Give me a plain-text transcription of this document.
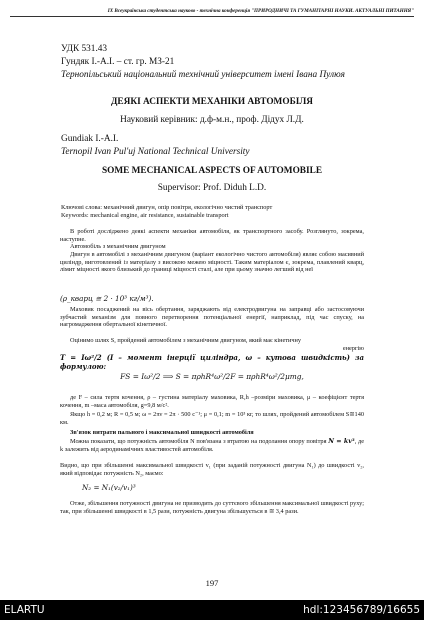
ІХ Всеукраїнська студентська науково - технічна конференція "ПРИРОДНИЧІ ТА ГУМАНІТАРНІ НАУКИ. АКТУАЛЬНІ ПИТАННЯ"
УДК 531.43
Гундяк І.-А.І. – ст. гр. МЗ-21
Тернопільський національний технічний університет імені Івана Пулюя
ДЕЯКІ АСПЕКТИ МЕХАНІКИ АВТОМОБІЛЯ
Науковий керівник: д.ф-м.н., проф. Дідух Л.Д.
Gundiak I.-A.I.
Ternopil Ivan Pul'uj National Technical University
SOME MECHANICAL ASPECTS OF AUTOMOBILE
Supervisor: Prof. Diduh L.D.
Ключові слова: механічний двигун, опір повітря, екологічно чистий транспорт
Keywords: mechanical engine, air resistance, sustainable transport
В роботі досліджено деякі аспекти механіки автомобіля, як транспортного засобу. Розглянуто, зокрема, наступне.
Автомобіль з механічним двигуном
Двигун в автомобілі з механічним двигуном (варіант екологічно чистого автомобіля) являє собою масивний циліндр, виготовлений із матеріалу з високою межею міцності. Таким матеріалом є, зокрема, плавлений кварц, лімит міцності якого близький до границі міцності сталі, але при цьому значно легший від неї
(ρ_кварц ≅ 2 · 10³ кг/м³).
Маховик посаджений на вісь обертання, заряджають від електродвигуна на заправці або застосовуючи зубчастий механізм для повного перетворення потенціальної енергії, наприклад, під час спуску, на нагромадження обертальної кінетичної.
Оцінимо шлях S, пройдений автомобілем з механічним двигуном, який має кінетичну
енергію
T = Iω²/2 (I – момент інерції циліндра, ω – кутова швидкість) за формулою:
FS = Iω²/2 ⟹ S = πρhR⁴ω²/2F = πρhR⁴ω²/2μmg,
де F – сила тертя кочення, ρ – густина матеріалу маховика, R,h –розміри маховика, μ – коефіцієнт тертя кочення, m –маса автомобіля, g=9,8 м/с².
Якщо h = 0,2 м; R = 0,5 м; ω = 2πν = 2π · 500 с⁻¹; μ = 0,1; m = 10³ кг, то шлях, пройдений автомобілем S≅140 км.
Зв'язок витрати пального і максимальної швидкості автомобіля
Можна показати, що потужність автомобіля N пов'язана з втратою на подолання опору повітря N = kv³, де k залежить від аеродинамічних властивостей автомобіля.
Видно, що при збільшенні максимальної швидкості v₁ (при заданій потужності двигуна N₁) до швидкості v₂, який відповідає потужність N₂, маємо:
N₂ = N₁(v₂/v₁)³
Отже, збільшення потужності двигуна не призводить до суттєвого збільшення максимальної швидкості руху; так, при збільшенні швидкості в 1,5 рази, потужність двигуна збільшується в ≅ 3,4 рази.
197
ELARTU	hdl:123456789/16655
